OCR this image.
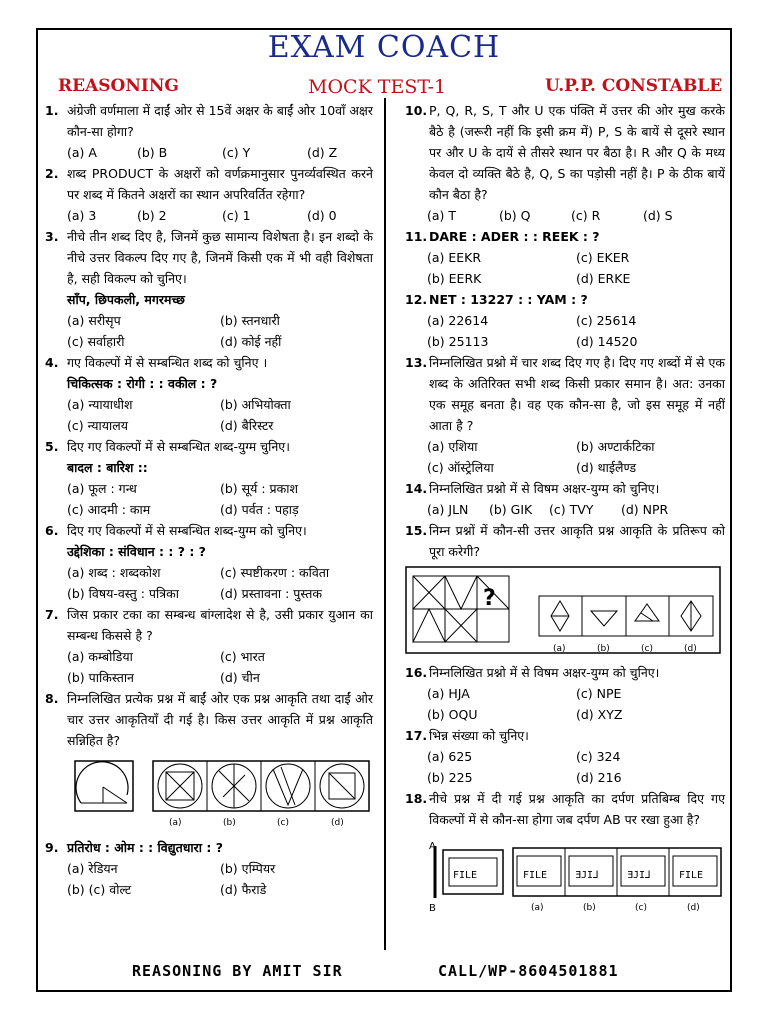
EXAM COACH
REASONING	MOCK TEST-1	U.P.P. CONSTABLE
1. अंग्रेजी वर्णमाला में दाईं ओर से 15वें अक्षर के बाईं ओर 10वाँ अक्षर कौन-सा होगा?
(a) A	(b) B	(c) Y	(d) Z
2. शब्द PRODUCT के अक्षरों को वर्णक्रमानुसार पुनर्व्यवस्थित करने पर शब्द में कितने अक्षरों का स्थान अपरिवर्तित रहेगा?
(a) 3	(b) 2	(c) 1	(d) 0
3. नीचे तीन शब्द दिए है, जिनमें कुछ सामान्य विशेषता है। इन शब्दो के नीचे उत्तर विकल्प दिए गए है, जिनमें किसी एक में भी वही विशेषता है, सही विकल्प को चुनिए।
साँप, छिपकली, मगरमच्छ
(a) सरीसृप	(b) स्तनधारी
(c) सर्वाहारी	(d) कोई नहीं
4. गए विकल्पों में से सम्बन्धित शब्द को चुनिए ।
चिकित्सक : रोगी : : वकील : ?
(a) न्यायाधीश	(b) अभियोक्ता
(c) न्यायालय	(d) बैरिस्टर
5. दिए गए विकल्पों में से सम्बन्धित शब्द-युग्म चुनिए।
बादल : बारिश ::
(a) फूल : गन्ध	(b) सूर्य : प्रकाश
(c) आदमी : काम	(d) पर्वत : पहाड़
6. दिए गए विकल्पों में से सम्बन्धित शब्द-युग्म को चुनिए।
उद्देशिका : संविधान : : ? : ?
(a) शब्द : शब्दकोश	(c) स्पष्टीकरण : कविता
(b) विषय-वस्तु : पत्रिका	(d) प्रस्तावना : पुस्तक
7. जिस प्रकार टका का सम्बन्ध बांग्लादेश से है, उसी प्रकार युआन का सम्बन्ध किससे है ?
(a) कम्बोडिया	(c) भारत
(b) पाकिस्तान	(d) चीन
8. निम्नलिखित प्रत्येक प्रश्न में बाईं ओर एक प्रश्न आकृति तथा दाईं ओर चार उत्तर आकृतियाँ दी गई है। किस उत्तर आकृति में प्रश्न आकृति सन्निहित है?
(a)	(b)	(c)	(d)
9. प्रतिरोध : ओम : : विद्युतधारा : ?
(a) रेडियन	(b) एम्पियर
(b) (c) वोल्ट	(d) फैराडे
10. P, Q, R, S, T और U एक पंक्ति में उत्तर की ओर मुख करके बैठे है (जरूरी नहीं कि इसी क्रम में) P, S के बायें से दूसरे स्थान पर और U के दायें से तीसरे स्थान पर बैठा है। R और Q के मध्य केवल दो व्यक्ति बैठे है, Q, S का पड़ोसी नहीं है। P के ठीक बायें कौन बैठा है?
(a) T	(b) Q	(c) R	(d) S
11. DARE : ADER : : REEK : ?
(a) EEKR	(c) EKER
(b) EERK	(d) ERKE
12. NET : 13227 : : YAM : ?
(a) 22614	(c) 25614
(b) 25113	(d) 14520
13. निम्नलिखित प्रश्नो में चार शब्द दिए गए है। दिए गए शब्दों में से एक शब्द के अतिरिक्त सभी शब्द किसी प्रकार समान है। अत: उनका एक समूह बनता है। वह एक कौन-सा है, जो इस समूह में नहीं आता है ?
(a) एशिया	(b) अण्टार्कटिका
(c) ऑस्ट्रेलिया	(d) थाईलैण्ड
14. निम्नलिखित प्रश्नो में से विषम अक्षर-युग्म को चुनिए।
(a) JLN	(b) GIK	(c) TVY	(d) NPR
15. निम्न प्रश्नों में कौन-सी उत्तर आकृति प्रश्न आकृति के प्रतिरूप को पूरा करेगी?
?
(a)	(b)	(c)	(d)
16. निम्नलिखित प्रश्नो में से विषम अक्षर-युग्म को चुनिए।
(a) HJA	(c) NPE
(b) OQU	(d) XYZ
17. भिन्न संख्या को चुनिए।
(a) 625	(c) 324
(b) 225	(d) 216
18. नीचे प्रश्न में दी गई प्रश्न आकृति का दर्पण प्रतिबिम्ब दिए गए विकल्पों में से कौन-सा होगा जब दर्पण AB पर रखा हुआ है?
A
B
FILE	FILE	ƎJI⅃	ƎJI⅃	FILE
(a)	(b)	(c)	(d)
REASONING BY AMIT SIR	CALL/WP-8604501881
